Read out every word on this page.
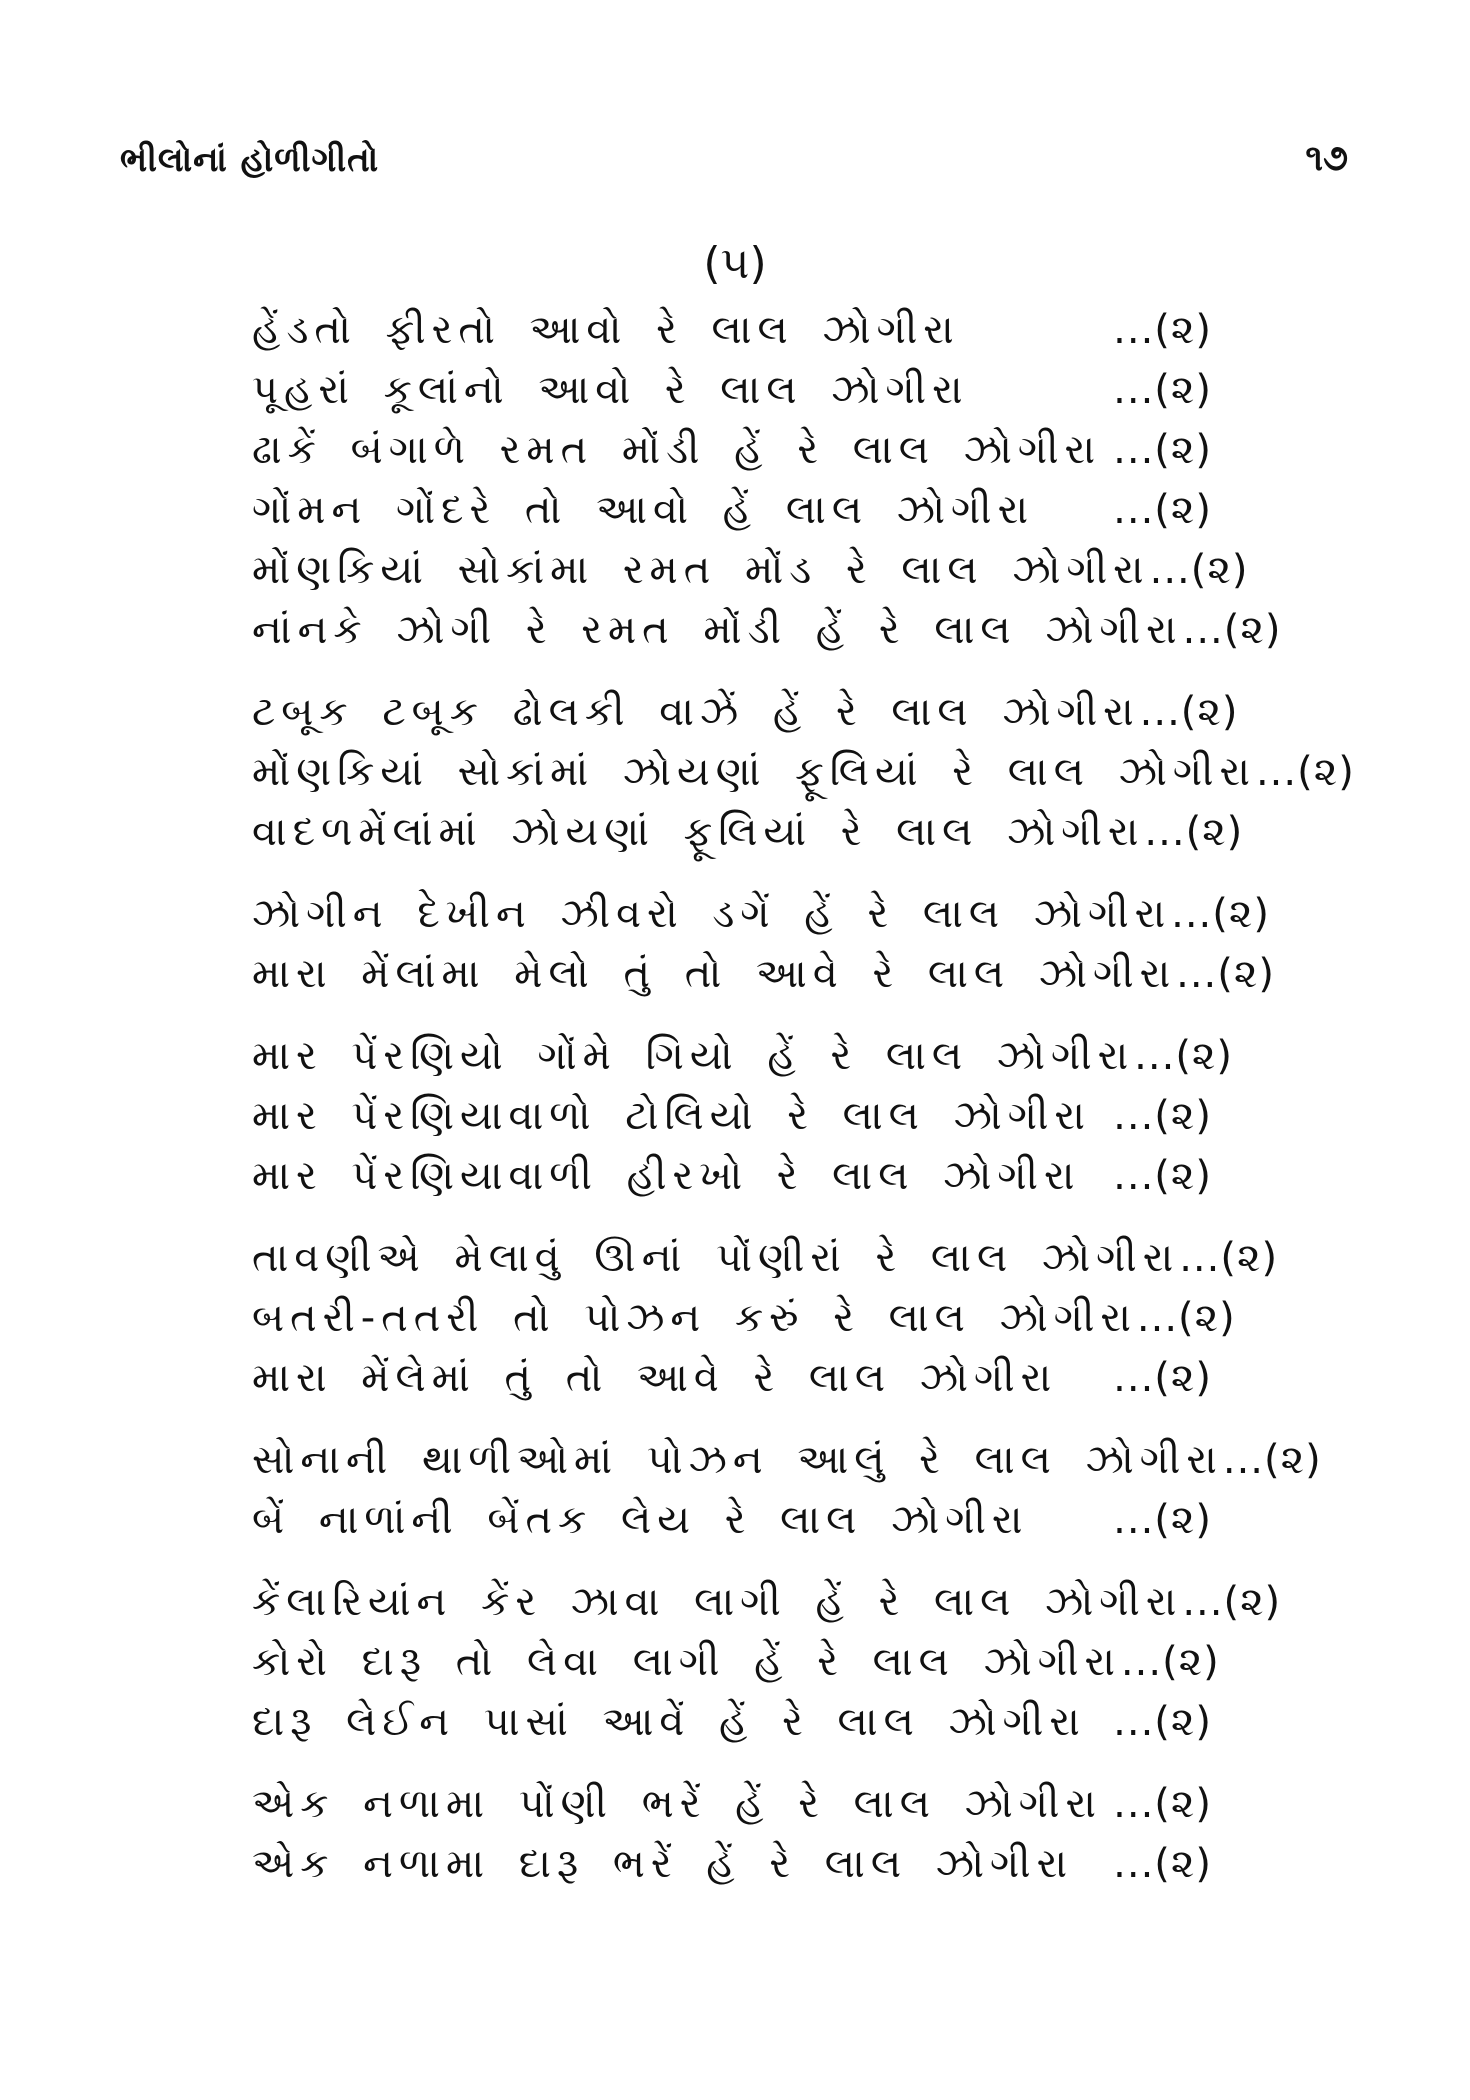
ભીલોનાં હોળીગીતો	૧૭
(૫)
હેંડતો ફીરતો આવો રે લાલ ઝોગીરા	...(૨)
પૂહરાં કૂલાંનો આવો રે લાલ ઝોગીરા	...(૨)
ઢાકેં બંગાળે રમત મોંડી હેં રે લાલ ઝોગીરા ...(૨)
ગોંમન ગોંદરે તો આવો હેં લાલ ઝોગીરા ...(૨)
મોંણકિયાં સોકાંમા રમત મોંડ રે લાલ ઝોગીરા ...(૨)
નાંનકે ઝોગી રે રમત મોંડી હેં રે લાલ ઝોગીરા ...(૨)
ટબૂક ટબૂક ઢોલકી વાઝેં હેં રે લાલ ઝોગીરા ...(૨)
મોંણકિયાં સોકાંમાં ઝોયણાં ફૂલિયાં રે લાલ ઝોગીરા ...(૨)
વાદળમેંલાંમાં ઝોયણાં ફૂલિયાં રે લાલ ઝોગીરા ...(૨)
ઝોગીન દેખીન ઝીવરો ડગેં હેં રે લાલ ઝોગીરા ...(૨)
મારા મેંલાંમા મેલો તું તો આવે રે લાલ ઝોગીરા ...(૨)
માર પેંરણિયો ગોંમે ગિયો હેં રે લાલ ઝોગીરા ...(૨)
માર પેંરણિયાવાળો ટોલિયો રે લાલ ઝોગીરા ...(૨)
માર પેંરણિયાવાળી હીરખો રે લાલ ઝોગીરા ...(૨)
તાવણીએ મેલાવું ઊનાં પોંણીરાં રે લાલ ઝોગીરા ...(૨)
બતરી-તતરી તો પોઝન કરું રે લાલ ઝોગીરા ...(૨)
મારા મેંલેમાં તું તો આવે રે લાલ ઝોગીરા ...(૨)
સોનાની થાળીઓમાં પોઝન આલું રે લાલ ઝોગીરા ...(૨)
બેં નાળાંની બેંતક લેય રે લાલ ઝોગીરા ...(૨)
કેંલારિયાંન કેંર ઝાવા લાગી હેં રે લાલ ઝોગીરા ...(૨)
કોરો દારૂ તો લેવા લાગી હેં રે લાલ ઝોગીરા ...(૨)
દારૂ લેઈન પાસાં આવેં હેં રે લાલ ઝોગીરા ...(૨)
એક નળામા પોંણી ભરેં હેં રે લાલ ઝોગીરા ...(૨)
એક નળામા દારૂ ભરેં હેં રે લાલ ઝોગીરા ...(૨)
